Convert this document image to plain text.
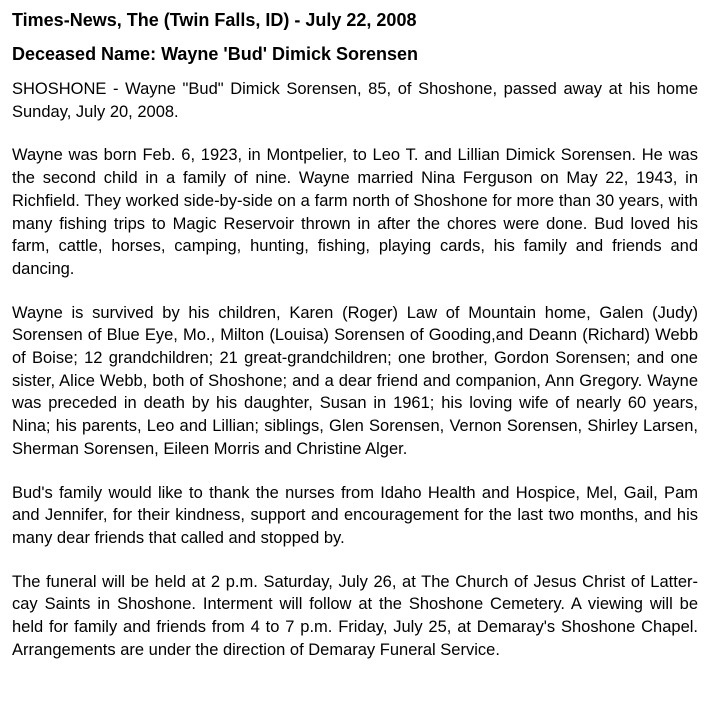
Times-News, The (Twin Falls, ID) - July 22, 2008
Deceased Name: Wayne 'Bud' Dimick Sorensen

SHOSHONE - Wayne "Bud" Dimick Sorensen, 85, of Shoshone, passed away at his home Sunday, July 20, 2008.

Wayne was born Feb. 6, 1923, in Montpelier, to Leo T. and Lillian Dimick Sorensen. He was the second child in a family of nine. Wayne married Nina Ferguson on May 22, 1943, in Richfield. They worked side-by-side on a farm north of Shoshone for more than 30 years, with many fishing trips to Magic Reservoir thrown in after the chores were done. Bud loved his farm, cattle, horses, camping, hunting, fishing, playing cards, his family and friends and dancing.

Wayne is survived by his children, Karen (Roger) Law of Mountain home, Galen (Judy) Sorensen of Blue Eye, Mo., Milton (Louisa) Sorensen of Gooding,and Deann (Richard) Webb of Boise; 12 grandchildren; 21 great-grandchildren; one brother, Gordon Sorensen; and one sister, Alice Webb, both of Shoshone; and a dear friend and companion, Ann Gregory. Wayne was preceded in death by his daughter, Susan in 1961; his loving wife of nearly 60 years, Nina; his parents, Leo and Lillian; siblings, Glen Sorensen, Vernon Sorensen, Shirley Larsen, Sherman Sorensen, Eileen Morris and Christine Alger.

Bud's family would like to thank the nurses from Idaho Health and Hospice, Mel, Gail, Pam and Jennifer, for their kindness, support and encouragement for the last two months, and his many dear friends that called and stopped by.

The funeral will be held at 2 p.m. Saturday, July 26, at The Church of Jesus Christ of Latter-cay Saints in Shoshone. Interment will follow at the Shoshone Cemetery. A viewing will be held for family and friends from 4 to 7 p.m. Friday, July 25, at Demaray's Shoshone Chapel. Arrangements are under the direction of Demaray Funeral Service.
